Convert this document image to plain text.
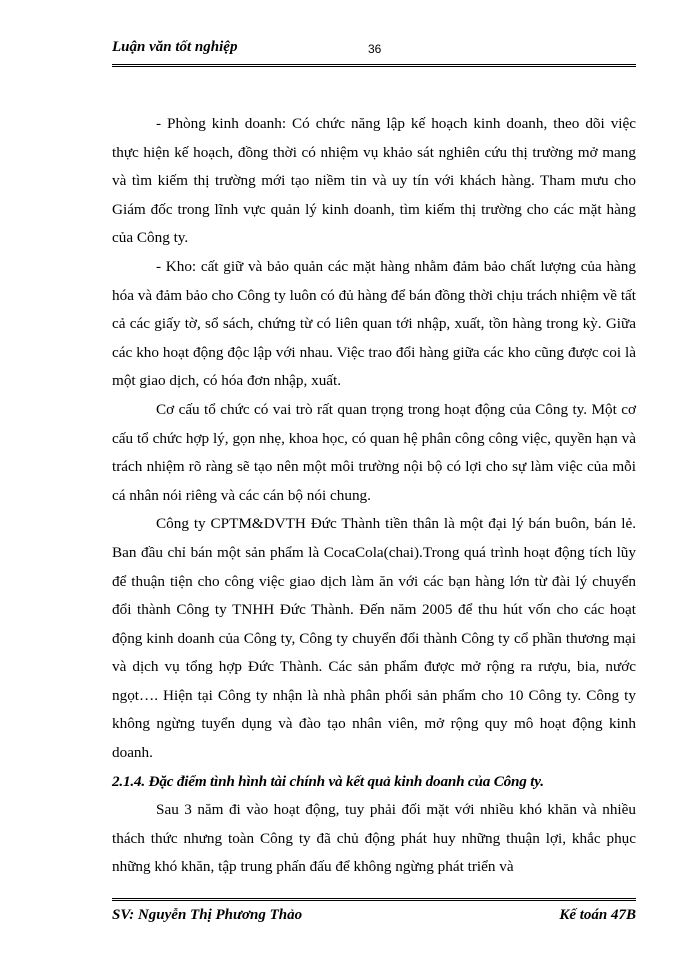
Luận văn tốt nghiệp	36

- Phòng kinh doanh: Có chức năng lập kế hoạch kinh doanh, theo dõi việc thực hiện kế hoạch, đồng thời có nhiệm vụ khảo sát nghiên cứu thị trường mở mang và tìm kiếm thị trường mới tạo niềm tin và uy tín với khách hàng. Tham mưu cho Giám đốc trong lĩnh vực quản lý kinh doanh, tìm kiếm thị trường cho các mặt hàng của Công ty.

- Kho: cất giữ và bảo quản các mặt hàng nhằm đảm bảo chất lượng của hàng hóa và đảm bảo cho Công ty luôn có đủ hàng để bán đồng thời chịu trách nhiệm về tất cả các giấy tờ, sổ sách, chứng từ có liên quan tới nhập, xuất, tồn hàng trong kỳ. Giữa các kho hoạt động độc lập với nhau. Việc trao đổi hàng giữa các kho cũng được coi là một giao dịch, có hóa đơn nhập, xuất.

Cơ cấu tổ chức có vai trò rất quan trọng trong hoạt động của Công ty. Một cơ cấu tổ chức hợp lý, gọn nhẹ, khoa học, có quan hệ phân công công việc, quyền hạn và trách nhiệm rõ ràng sẽ tạo nên một môi trường nội bộ có lợi cho sự làm việc của mỗi cá nhân nói riêng và các cán bộ nói chung.

Công ty CPTM&DVTH Đức Thành tiền thân là một đại lý bán buôn, bán lẻ. Ban đầu chỉ bán một sản phẩm là CocaCola(chai).Trong quá trình hoạt động tích lũy để thuận tiện cho công việc giao dịch làm ăn với các bạn hàng lớn từ đài lý chuyển đổi thành Công ty TNHH Đức Thành. Đến năm 2005 để thu hút vốn cho các hoạt động kinh doanh của Công ty, Công ty chuyển đổi thành Công ty cổ phần thương mại và dịch vụ tổng hợp Đức Thành. Các sản phẩm được mở rộng ra rượu, bia, nước ngọt…. Hiện tại Công ty nhận là nhà phân phối sản phẩm cho 10 Công ty. Công ty không ngừng tuyển dụng và đào tạo nhân viên, mở rộng quy mô hoạt động kinh doanh.

2.1.4. Đặc điểm tình hình tài chính và kết quả kinh doanh của Công ty.

Sau 3 năm đi vào hoạt động, tuy phải đối mặt với nhiều khó khăn và nhiều thách thức nhưng toàn Công ty đã chủ động phát huy những thuận lợi, khắc phục những khó khăn, tập trung phấn đấu để không ngừng phát triển và

SV: Nguyễn Thị Phương Thảo	Kế toán 47B
